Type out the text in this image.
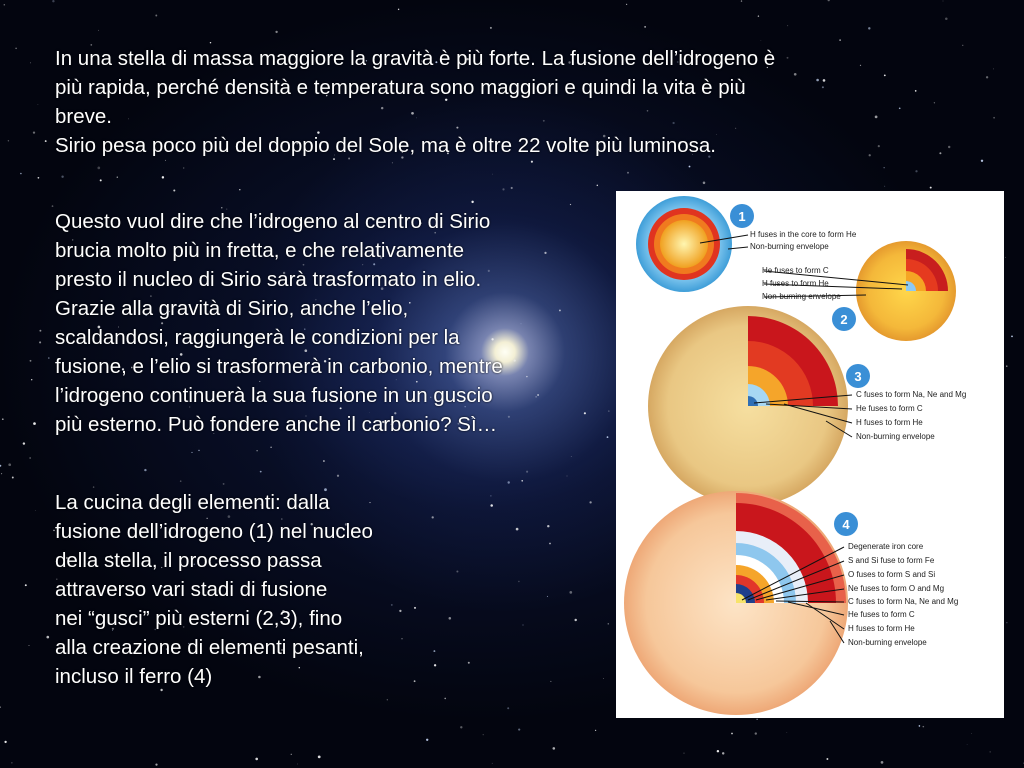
In una stella di massa maggiore la gravità è più forte. La fusione dell’idrogeno è

più rapida, perché densità e temperatura sono maggiori e quindi la vita è più

breve.

Sirio pesa poco più del doppio del Sole, ma è oltre 22 volte più luminosa.

Questo vuol dire che l’idrogeno al centro di Sirio
brucia molto più in fretta, e che relativamente
presto il nucleo di Sirio sarà trasformato in elio.
Grazie alla gravità di Sirio, anche l’elio,
scaldandosi, raggiungerà le condizioni per la
fusione, e l’elio si trasformerà in carbonio, mentre
l’idrogeno continuerà la sua fusione in un guscio
più esterno. Può fondere anche il carbonio? Sì…
La cucina degli elementi: dalla
fusione dell’idrogeno (1) nel nucleo
della stella, il processo passa
attraverso vari stadi di fusione
nei “gusci” più esterni (2,3), fino
alla creazione di elementi pesanti,
incluso il ferro (4)
1
H fuses in the core to form He
Non-burning envelope
2
He fuses to form C
H fuses to form He
Non-burning envelope
3
C fuses to form Na, Ne and Mg
He fuses to form C
H fuses to form He
Non-burning envelope
4
Degenerate iron core
S and Si fuse to form Fe
O fuses to form S and Si
Ne fuses to form O and Mg
C fuses to form Na, Ne and Mg
He fuses to form C
H fuses to form He
Non-burning envelope
